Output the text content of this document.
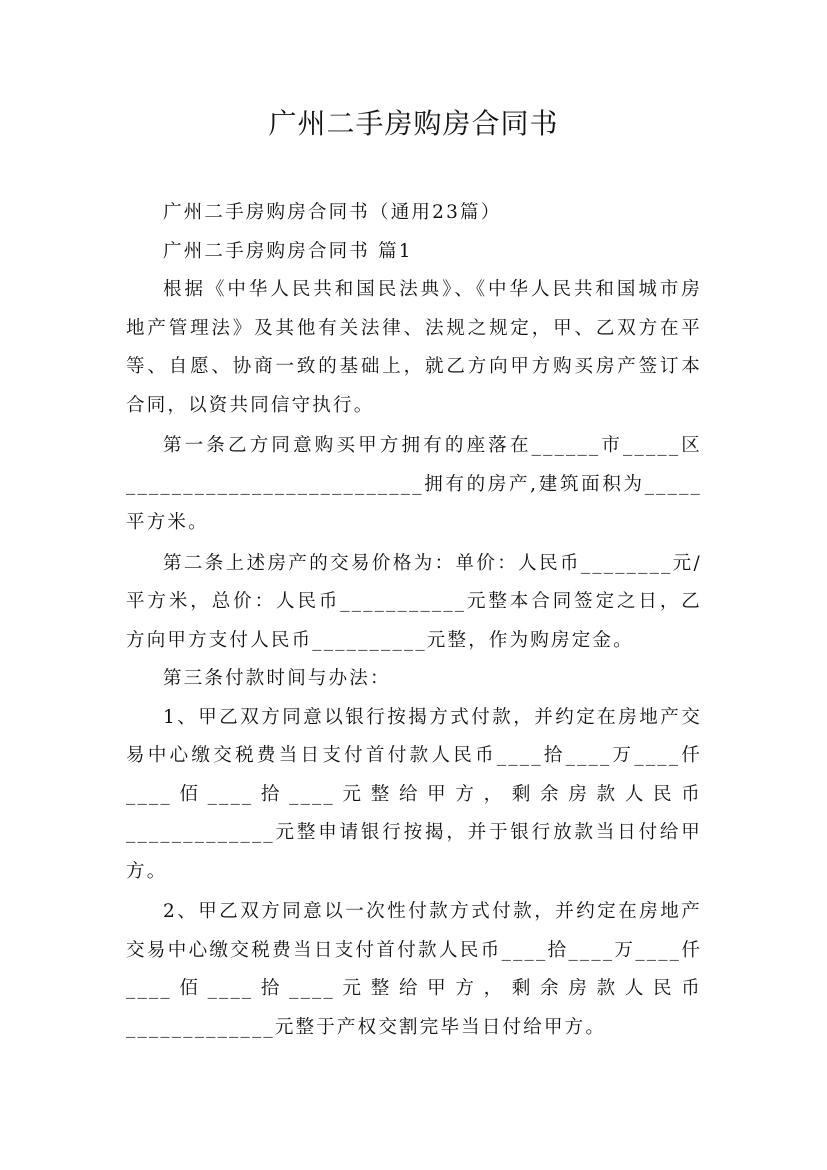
广州二手房购房合同书

广州二手房购房合同书（通用23篇）

广州二手房购房合同书 篇1

根据《中华人民共和国民法典》、《中华人民共和国城市房地产管理法》及其他有关法律、法规之规定，甲、乙双方在平等、自愿、协商一致的基础上，就乙方向甲方购买房产签订本合同，以资共同信守执行。

第一条乙方同意购买甲方拥有的座落在______市_____区__________________________拥有的房产,建筑面积为_____平方米。

第二条上述房产的交易价格为：单价：人民币________元/平方米，总价：人民币___________元整本合同签定之日，乙方向甲方支付人民币__________元整，作为购房定金。

第三条付款时间与办法：

1、甲乙双方同意以银行按揭方式付款，并约定在房地产交易中心缴交税费当日支付首付款人民币____拾____万____仟____佰____拾____元整给甲方，剩余房款人民币_____________元整申请银行按揭，并于银行放款当日付给甲方。

2、甲乙双方同意以一次性付款方式付款，并约定在房地产交易中心缴交税费当日支付首付款人民币____拾____万____仟____佰____拾____元整给甲方，剩余房款人民币_____________元整于产权交割完毕当日付给甲方。
